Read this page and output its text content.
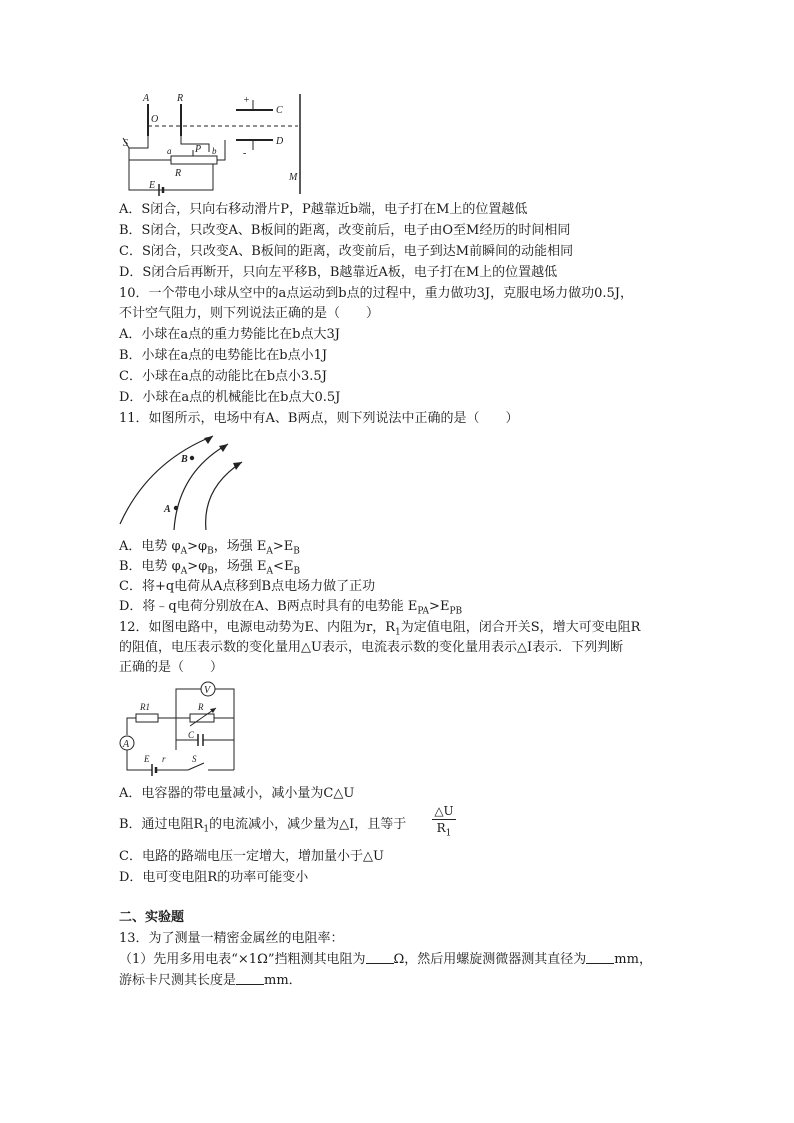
S
A	R
O
P
R
a	b
E
C
D
M
+
-
A．S闭合，只向右移动滑片P，P越靠近b端，电子打在M上的位置越低
B．S闭合，只改变A、B板间的距离，改变前后，电子由O至M经历的时间相同
C．S闭合，只改变A、B板间的距离，改变前后，电子到达M前瞬间的动能相同
D．S闭合后再断开，只向左平移B，B越靠近A板，电子打在M上的位置越低
10．一个带电小球从空中的a点运动到b点的过程中，重力做功3J，克服电场力做功0.5J，
不计空气阻力，则下列说法正确的是（　　）
A．小球在a点的重力势能比在b点大3J
B．小球在a点的电势能比在b点小1J
C．小球在a点的动能比在b点小3.5J
D．小球在a点的机械能比在b点大0.5J
11．如图所示，电场中有A、B两点，则下列说法中正确的是（　　）
B
A
A．电势 $\varphi_A>\varphi_B$，场强 $E_A>E_B$
B．电势 $\varphi_A>\varphi_B$，场强 $E_A<E_B$
C．将+q电荷从A点移到B点电场力做了正功
D．将﹣q电荷分别放在A、B两点时具有的电势能 $E_{PA}>E_{PB}$
12．如图电路中，电源电动势为E、内阻为r，$R_1$为定值电阻，闭合开关S，增大可变电阻R
的阻值，电压表示数的变化量用△U表示，电流表示数的变化量用表示△I表示．下列判断
正确的是（　　）
V
R1	R
C
A
E r	S
A．电容器的带电量减小，减小量为C△U
B．通过电阻$R_1$的电流减小，减少量为△I，且等于 $\frac{\triangle U}{R_1}$
C．电路的路端电压一定增大，增加量小于△U
D．电可变电阻R的功率可能变小
二、实验题
13．为了测量一精密金属丝的电阻率：
（1）先用多用电表“×1Ω”挡粗测其电阻为 Ω，然后用螺旋测微器测其直径为 mm，
游标卡尺测其长度是 mm．
